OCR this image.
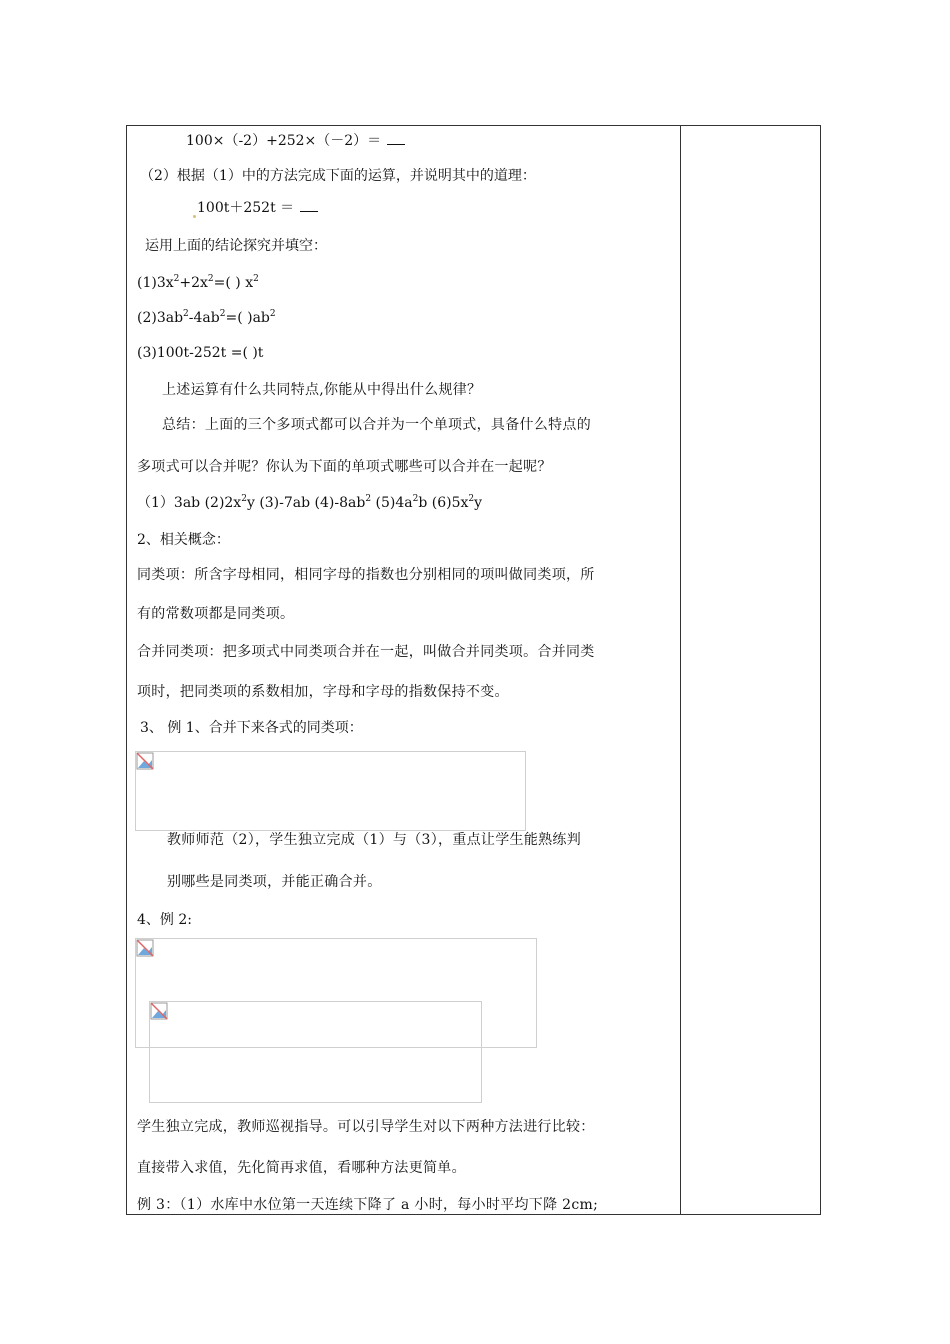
100×（-2）+252×（－2）＝
（2）根据（1）中的方法完成下面的运算，并说明其中的道理：
100t＋252t ＝
运用上面的结论探究并填空：
$(1)3x^2+2x^2=$( ) $x^2$
$(2)3ab^2-4ab^2=$( )$ab^2$
(3)100t-252t =( )t
上述运算有什么共同特点,你能从中得出什么规律？
总结：上面的三个多项式都可以合并为一个单项式，具备什么特点的
多项式可以合并呢？你认为下面的单项式哪些可以合并在一起呢？
（1）3ab $(2)2x^2y$ (3)-7ab $(4)-8ab^2$ $(5)4a^2b$ $(6)5x^2y$
2、相关概念：
同类项：所含字母相同，相同字母的指数也分别相同的项叫做同类项，所
有的常数项都是同类项。
合并同类项：把多项式中同类项合并在一起，叫做合并同类项。合并同类
项时，把同类项的系数相加，字母和字母的指数保持不变。
3、 例 1、合并下来各式的同类项：
教师师范（2），学生独立完成（1）与（3），重点让学生能熟练判
别哪些是同类项，并能正确合并。
4、例 2:
学生独立完成，教师巡视指导。可以引导学生对以下两种方法进行比较：
直接带入求值，先化简再求值，看哪种方法更简单。
例 3：（1）水库中水位第一天连续下降了 a 小时，每小时平均下降 2cm;
